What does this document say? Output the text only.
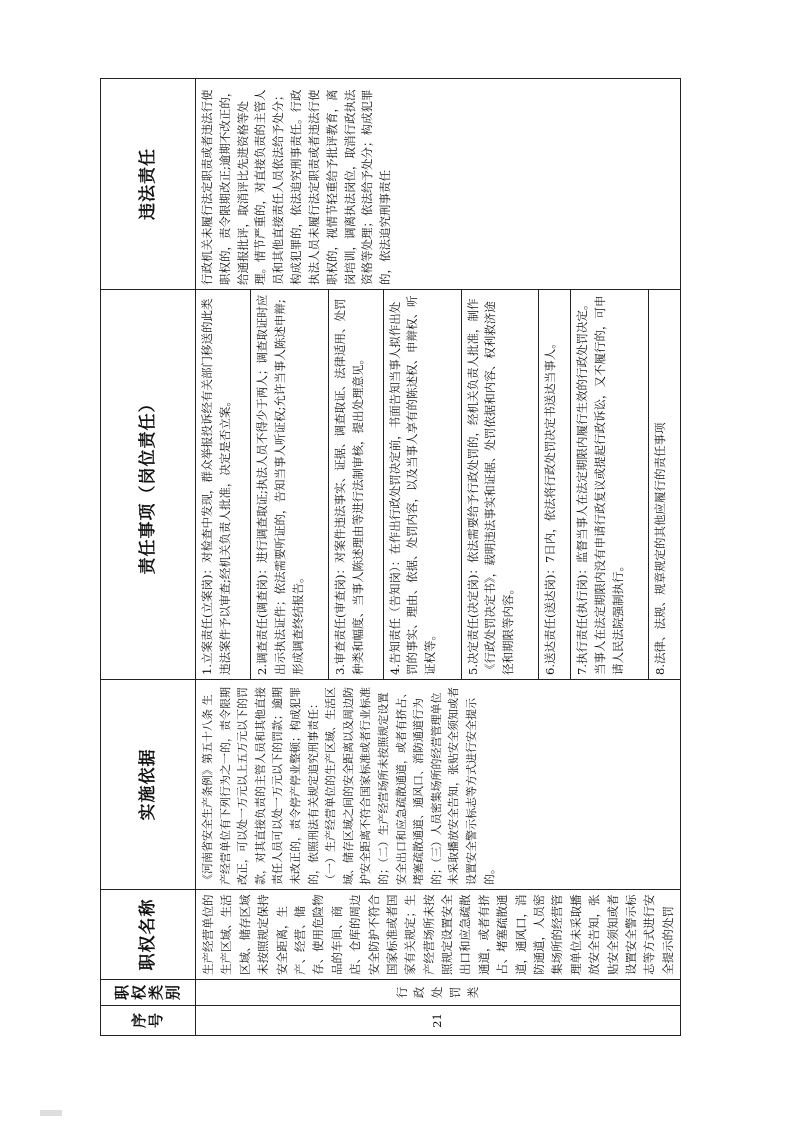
序号	职权类别	职权名称	实施依据	责任事项（岗位责任）	违法责任
21	行政处罚类	生产经营单位的生产区域、生活区域、储存区域未按照规定保持安全距离，生产、经营、储存、使用危险物品的车间、商店、仓库的周边安全防护不符合国家标准或者国家有关规定；生产经营场所未按照规定设置安全出口和应急疏散通道，或者有挤占、堵塞疏散通道，通风口，消防通道，人员密集场所的经营管理单位未采取播放安全告知，张贴安全须知或者设置安全警示标志等方式进行安全提示的处罚	《河南省安全生产条例》第五十八条 生产经营单位有下列行为之一的，责令限期改正，可以处一万元以上五万元以下的罚款，对其直接负责的主管人员和其他直接责任人员可以处一万元以下的罚款；逾期未改正的，责令停产停业整顿；构成犯罪的，依照刑法有关规定追究刑事责任：（一）生产经营单位的生产区域、生活区域、储存区域之间的安全距离以及周边防护安全距离不符合国家标准或者行业标准的；（二）生产经营场所未按照规定设置安全出口和应急疏散通道，或者有挤占、堵塞疏散通道、通风口、消防通道行为的；（三）人员密集场所的经营管理单位未采取播放安全告知，张贴安全须知或者设置安全警示标志等方式进行安全提示的。	1.立案责任(立案岗)：对检查中发现，群众举报投诉经有关部门移送的此类违法案件予以审查;经机关负责人批准，决定是否立案。	行政机关未履行法定职责或者违法行使职权的，责令限期改正;逾期不改正的，给通报批评，取消评比先进资格等处理。情节严重的，对直接负责的主管人员和其他直接责任人员依法给予处分；构成犯罪的，依法追究刑事责任。行政执法人员未履行法定职责或者违法行使职权的，视情节轻重给予批评教育，离岗培训，调离执法岗位，取消行政执法资格等处理；依法给予处分；构成犯罪的，依法追究刑事责任
				2.调查责任(调查岗)：进行调查取证;执法人员不得少于两人；调查取证时应出示执法证件；依法需要听证的，告知当事人听证权;允许当事人陈述申辩;形成调查终结报告。	
				3.审查责任(审查岗)：对案件违法事实、证据、调查取证、法律适用、处罚种类和幅度、当事人陈述理由等进行法制审核，提出处理意见。	
				4.告知责任（告知岗）：在作出行政处罚决定前，书面告知当事人拟作出处罚的事实、理由、依据、处罚内容，以及当事人享有的陈述权、申辩权、听证权等。	
				5.决定责任(决定岗)：依法需要给予行政处罚的，经机关负责人批准，制作《行政处罚决定书》，载明违法事实和证据、处罚依据和内容、权利救济途径和期限等内容。	
				6.送达责任(送达岗)：7日内，依法将行政处罚决定书送达当事人。	
				7.执行责任(执行岗)：监督当事人在法定期限内履行生效的行政处罚决定。当事人在法定期限内没有申请行政复议或提起行政诉讼，又不履行的，可申请人民法院强制执行。	
				8.法律、法规、规章规定的其他应履行的责任事项	
